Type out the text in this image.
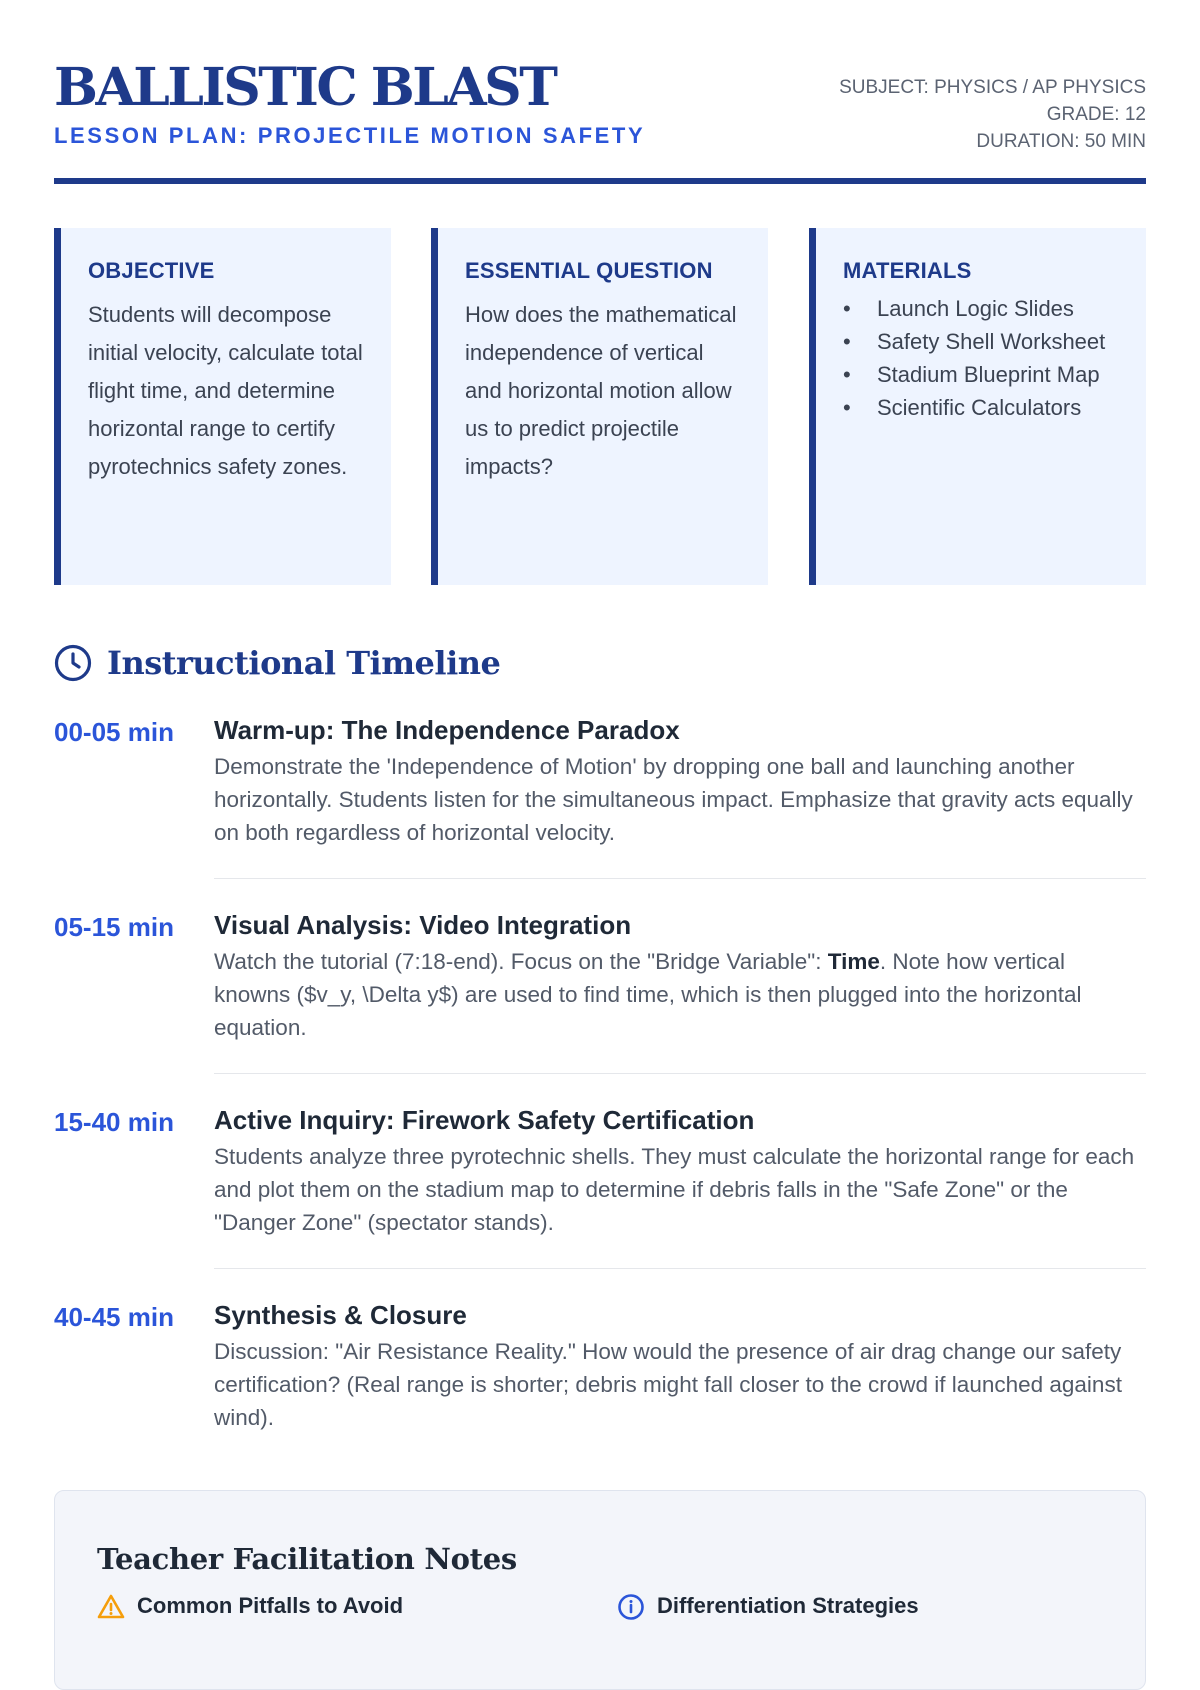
BALLISTIC BLAST
LESSON PLAN: PROJECTILE MOTION SAFETY
SUBJECT: PHYSICS / AP PHYSICS
GRADE: 12
DURATION: 50 MIN
OBJECTIVE
Students will decompose initial velocity, calculate total flight time, and determine horizontal range to certify pyrotechnics safety zones.
ESSENTIAL QUESTION
How does the mathematical independence of vertical and horizontal motion allow us to predict projectile impacts?
MATERIALS
•	Launch Logic Slides
•	Safety Shell Worksheet
•	Stadium Blueprint Map
•	Scientific Calculators
Instructional Timeline
00-05 min	Warm-up: The Independence Paradox
Demonstrate the 'Independence of Motion' by dropping one ball and launching another horizontally. Students listen for the simultaneous impact. Emphasize that gravity acts equally on both regardless of horizontal velocity.
05-15 min	Visual Analysis: Video Integration
Watch the tutorial (7:18-end). Focus on the "Bridge Variable": Time. Note how vertical knowns ($v_y, \Delta y$) are used to find time, which is then plugged into the horizontal equation.
15-40 min	Active Inquiry: Firework Safety Certification
Students analyze three pyrotechnic shells. They must calculate the horizontal range for each and plot them on the stadium map to determine if debris falls in the "Safe Zone" or the "Danger Zone" (spectator stands).
40-45 min	Synthesis & Closure
Discussion: "Air Resistance Reality." How would the presence of air drag change our safety certification? (Real range is shorter; debris might fall closer to the crowd if launched against wind).
Teacher Facilitation Notes
Common Pitfalls to Avoid	Differentiation Strategies
